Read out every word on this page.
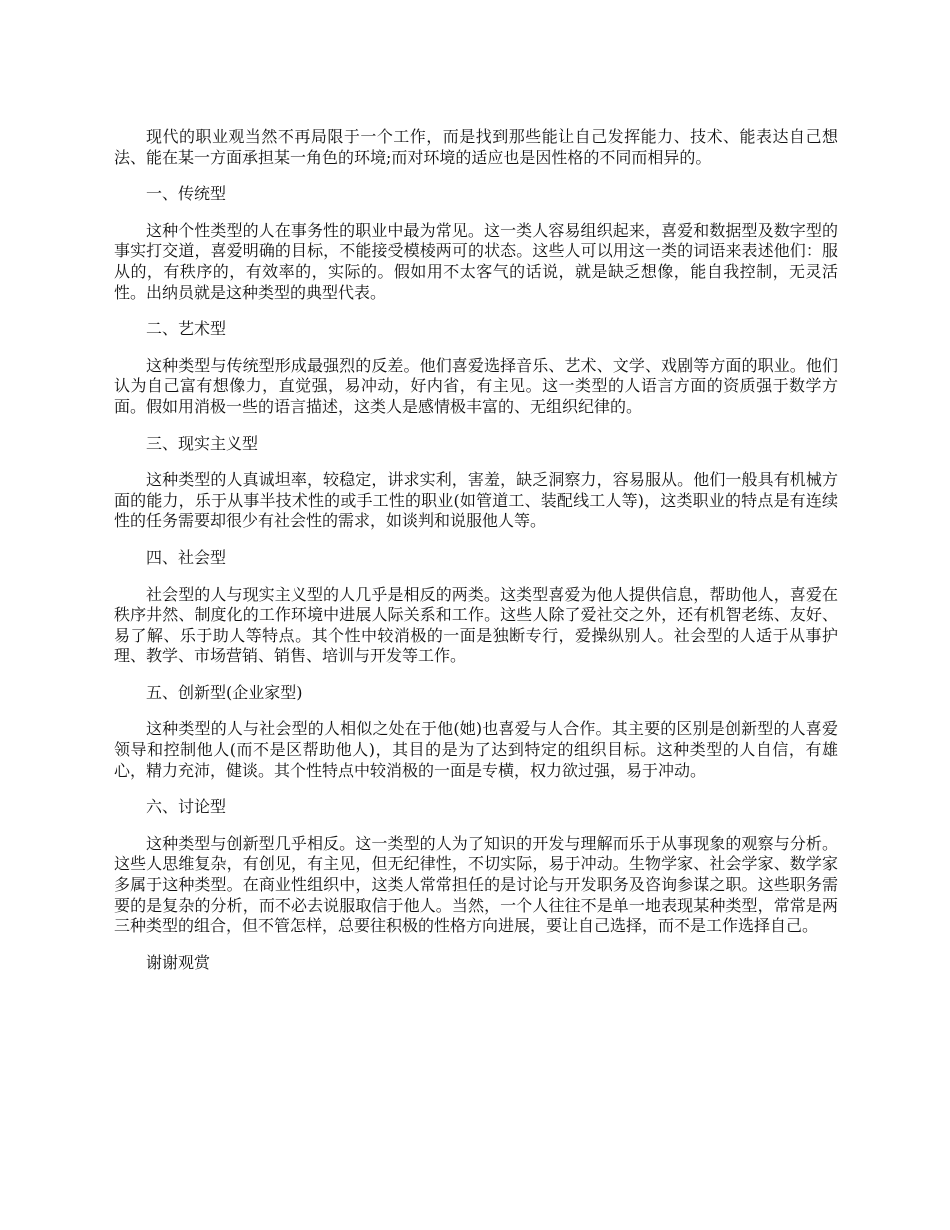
现代的职业观当然不再局限于一个工作，而是找到那些能让自己发挥能力、技术、能表达自己想法、能在某一方面承担某一角色的环境;而对环境的适应也是因性格的不同而相异的。

一、传统型

这种个性类型的人在事务性的职业中最为常见。这一类人容易组织起来，喜爱和数据型及数字型的事实打交道，喜爱明确的目标，不能接受模棱两可的状态。这些人可以用这一类的词语来表述他们：服从的，有秩序的，有效率的，实际的。假如用不太客气的话说，就是缺乏想像，能自我控制，无灵活性。出纳员就是这种类型的典型代表。

二、艺术型

这种类型与传统型形成最强烈的反差。他们喜爱选择音乐、艺术、文学、戏剧等方面的职业。他们认为自己富有想像力，直觉强，易冲动，好内省，有主见。这一类型的人语言方面的资质强于数学方面。假如用消极一些的语言描述，这类人是感情极丰富的、无组织纪律的。

三、现实主义型

这种类型的人真诚坦率，较稳定，讲求实利，害羞，缺乏洞察力，容易服从。他们一般具有机械方面的能力，乐于从事半技术性的或手工性的职业(如管道工、装配线工人等)，这类职业的特点是有连续性的任务需要却很少有社会性的需求，如谈判和说服他人等。

四、社会型

社会型的人与现实主义型的人几乎是相反的两类。这类型喜爱为他人提供信息，帮助他人，喜爱在秩序井然、制度化的工作环境中进展人际关系和工作。这些人除了爱社交之外，还有机智老练、友好、易了解、乐于助人等特点。其个性中较消极的一面是独断专行，爱操纵别人。社会型的人适于从事护理、教学、市场营销、销售、培训与开发等工作。

五、创新型(企业家型)

这种类型的人与社会型的人相似之处在于他(她)也喜爱与人合作。其主要的区别是创新型的人喜爱领导和控制他人(而不是区帮助他人)，其目的是为了达到特定的组织目标。这种类型的人自信，有雄心，精力充沛，健谈。其个性特点中较消极的一面是专横，权力欲过强，易于冲动。

六、讨论型

这种类型与创新型几乎相反。这一类型的人为了知识的开发与理解而乐于从事现象的观察与分析。这些人思维复杂，有创见，有主见，但无纪律性，不切实际，易于冲动。生物学家、社会学家、数学家多属于这种类型。在商业性组织中，这类人常常担任的是讨论与开发职务及咨询参谋之职。这些职务需要的是复杂的分析，而不必去说服取信于他人。当然，一个人往往不是单一地表现某种类型，常常是两三种类型的组合，但不管怎样，总要往积极的性格方向进展，要让自己选择，而不是工作选择自己。

谢谢观赏
